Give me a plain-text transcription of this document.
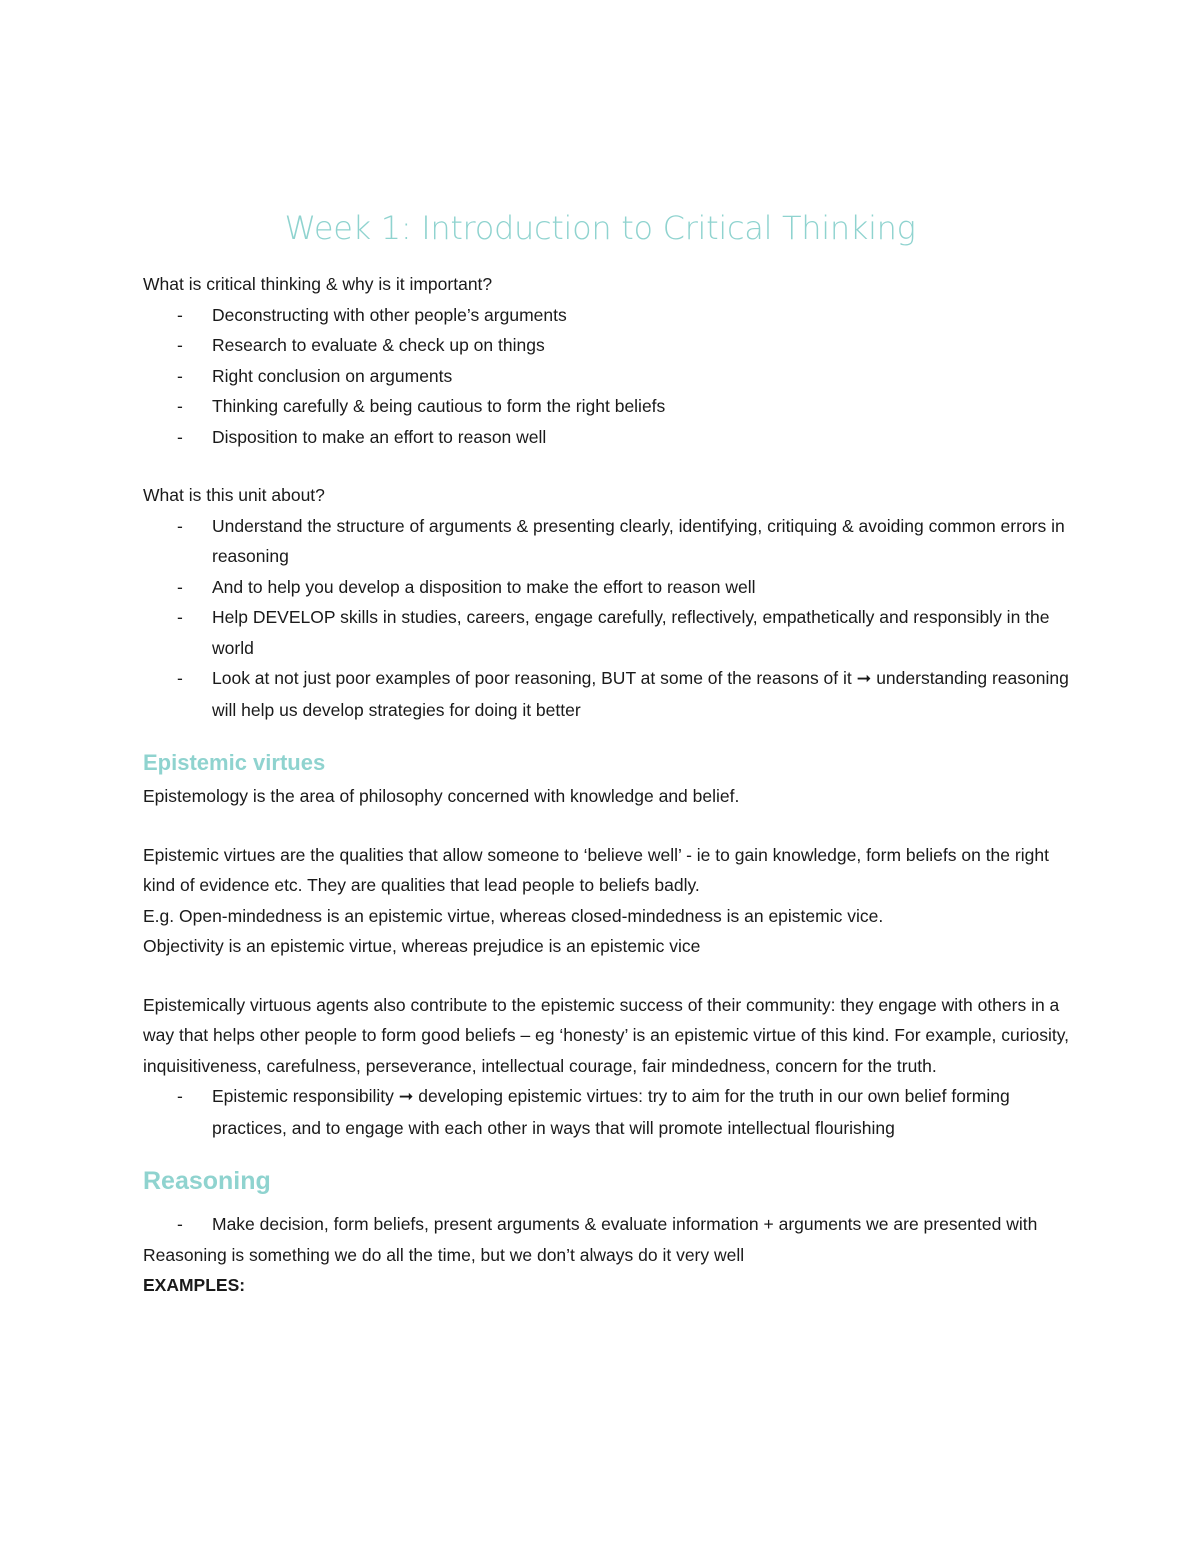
Week 1: Introduction to Critical Thinking

What is critical thinking & why is it important?

- Deconstructing with other people’s arguments
- Research to evaluate & check up on things
- Right conclusion on arguments
- Thinking carefully & being cautious to form the right beliefs
- Disposition to make an effort to reason well

What is this unit about?

- Understand the structure of arguments & presenting clearly, identifying, critiquing & avoiding common errors in reasoning
- And to help you develop a disposition to make the effort to reason well
- Help DEVELOP skills in studies, careers, engage carefully, reflectively, empathetically and responsibly in the world
- Look at not just poor examples of poor reasoning, BUT at some of the reasons of it ➞ understanding reasoning will help us develop strategies for doing it better
Epistemic virtues

Epistemology is the area of philosophy concerned with knowledge and belief.

Epistemic virtues are the qualities that allow someone to ‘believe well’ - ie to gain knowledge, form beliefs on the right kind of evidence etc. They are qualities that lead people to beliefs badly.

E.g. Open-mindedness is an epistemic virtue, whereas closed-mindedness is an epistemic vice.

Objectivity is an epistemic virtue, whereas prejudice is an epistemic vice

Epistemically virtuous agents also contribute to the epistemic success of their community: they engage with others in a way that helps other people to form good beliefs – eg ‘honesty’ is an epistemic virtue of this kind. For example, curiosity, inquisitiveness, carefulness, perseverance, intellectual courage, fair mindedness, concern for the truth.

- Epistemic responsibility ➞ developing epistemic virtues: try to aim for the truth in our own belief forming practices, and to engage with each other in ways that will promote intellectual flourishing
Reasoning
- Make decision, form beliefs, present arguments & evaluate information + arguments we are presented with

Reasoning is something we do all the time, but we don’t always do it very well

EXAMPLES:
